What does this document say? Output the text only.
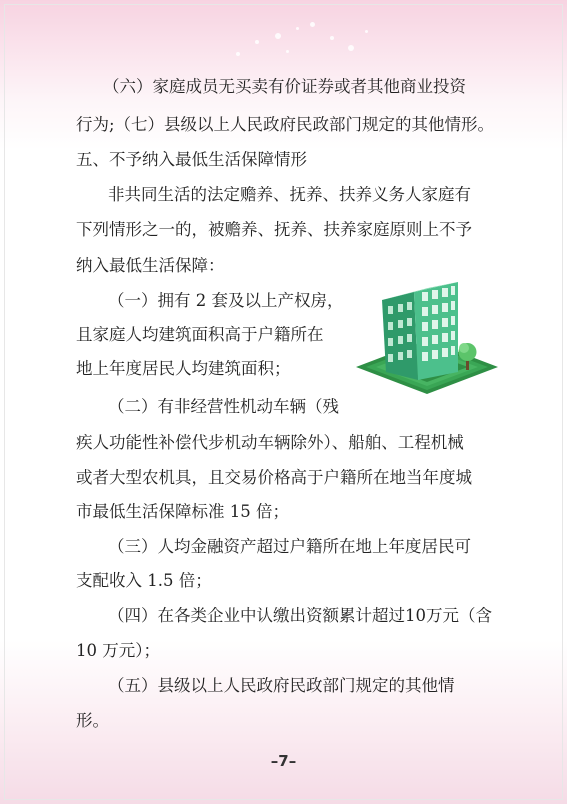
（六）家庭成员无买卖有价证券或者其他商业投资
行为;（七）县级以上人民政府民政部门规定的其他情形。
五、不予纳入最低生活保障情形
非共同生活的法定赡养、抚养、扶养义务人家庭有
下列情形之一的，被赡养、抚养、扶养家庭原则上不予
纳入最低生活保障：
（一）拥有 2 套及以上产权房，
且家庭人均建筑面积高于户籍所在
地上年度居民人均建筑面积；
（二）有非经营性机动车辆（残
疾人功能性补偿代步机动车辆除外）、船舶、工程机械
或者大型农机具，且交易价格高于户籍所在地当年度城
市最低生活保障标准 15 倍；
（三）人均金融资产超过户籍所在地上年度居民可
支配收入 1.5 倍；
（四）在各类企业中认缴出资额累计超过10万元（含
10 万元）；
（五）县级以上人民政府民政部门规定的其他情
形。
–7–
